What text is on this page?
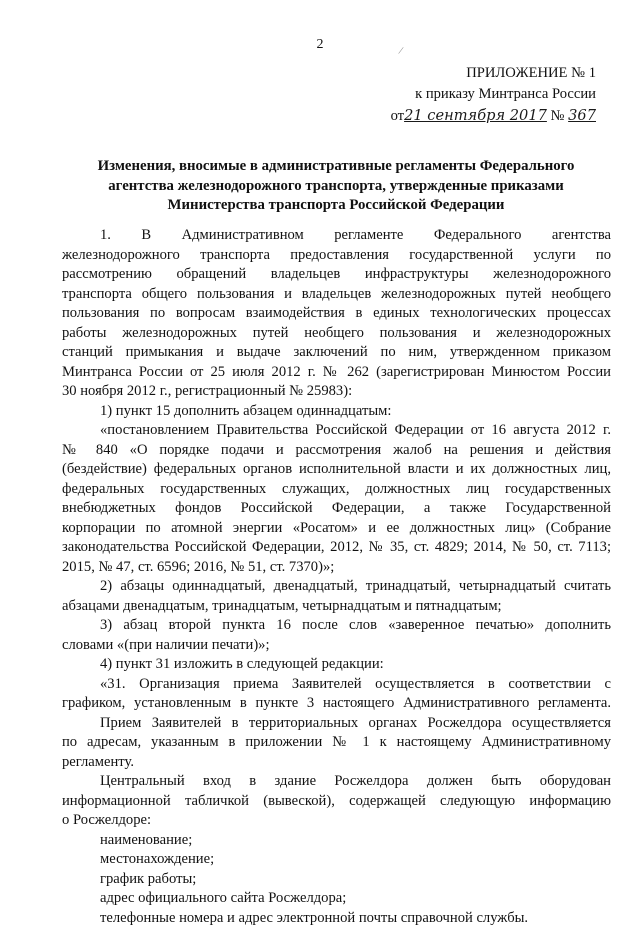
2	/
ПРИЛОЖЕНИЕ № 1
к приказу Минтранса России
от21 сентября 2017 № 367
Изменения, вносимые в административные регламенты Федерального
агентства железнодорожного транспорта, утвержденные приказами
Министерства транспорта Российской Федерации
1. В Административном регламенте Федерального агентства
железнодорожного транспорта предоставления государственной услуги по
рассмотрению обращений владельцев инфраструктуры железнодорожного
транспорта общего пользования и владельцев железнодорожных путей необщего
пользования по вопросам взаимодействия в единых технологических процессах
работы железнодорожных путей необщего пользования и железнодорожных
станций примыкания и выдаче заключений по ним, утвержденном приказом
Минтранса России от 25 июля 2012 г. № 262 (зарегистрирован Минюстом России
30 ноября 2012 г., регистрационный № 25983):
1) пункт 15 дополнить абзацем одиннадцатым:
«постановлением Правительства Российской Федерации от 16 августа 2012 г.
№ 840 «О порядке подачи и рассмотрения жалоб на решения и действия
(бездействие) федеральных органов исполнительной власти и их должностных лиц,
федеральных государственных служащих, должностных лиц государственных
внебюджетных фондов Российской Федерации, а также Государственной
корпорации по атомной энергии «Росатом» и ее должностных лиц» (Собрание
законодательства Российской Федерации, 2012, № 35, ст. 4829; 2014, № 50, ст. 7113;
2015, № 47, ст. 6596; 2016, № 51, ст. 7370)»;
2) абзацы одиннадцатый, двенадцатый, тринадцатый, четырнадцатый считать
абзацами двенадцатым, тринадцатым, четырнадцатым и пятнадцатым;
3) абзац второй пункта 16 после слов «заверенное печатью» дополнить
словами «(при наличии печати)»;
4) пункт 31 изложить в следующей редакции:
«31. Организация приема Заявителей осуществляется в соответствии с
графиком, установленным в пункте 3 настоящего Административного регламента.
Прием Заявителей в территориальных органах Росжелдора осуществляется
по адресам, указанным в приложении № 1 к настоящему Административному
регламенту.
Центральный вход в здание Росжелдора должен быть оборудован
информационной табличкой (вывеской), содержащей следующую информацию
о Росжелдоре:
наименование;
местонахождение;
график работы;
адрес официального сайта Росжелдора;
телефонные номера и адрес электронной почты справочной службы.
